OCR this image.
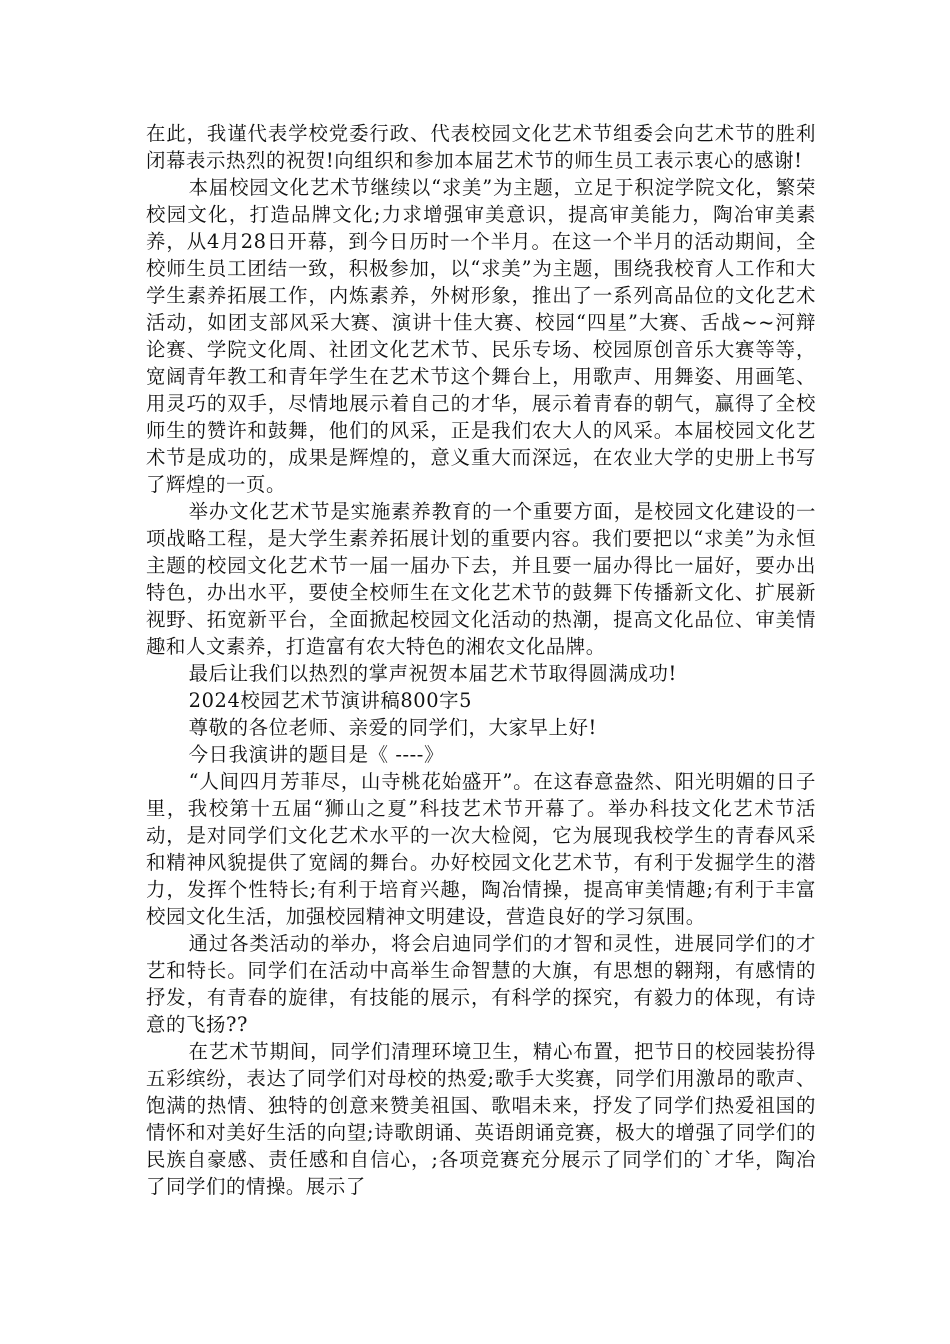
在此，我谨代表学校党委行政、代表校园文化艺术节组委会向艺术节的胜利闭幕表示热烈的祝贺!向组织和参加本届艺术节的师生员工表示衷心的感谢!

本届校园文化艺术节继续以“求美”为主题，立足于积淀学院文化，繁荣校园文化，打造品牌文化;力求增强审美意识，提高审美能力，陶冶审美素养，从4月28日开幕，到今日历时一个半月。在这一个半月的活动期间，全校师生员工团结一致，积极参加，以“求美”为主题，围绕我校育人工作和大学生素养拓展工作，内炼素养，外树形象，推出了一系列高品位的文化艺术活动，如团支部风采大赛、演讲十佳大赛、校园“四星”大赛、舌战~~河辩论赛、学院文化周、社团文化艺术节、民乐专场、校园原创音乐大赛等等，宽阔青年教工和青年学生在艺术节这个舞台上，用歌声、用舞姿、用画笔、用灵巧的双手，尽情地展示着自己的才华，展示着青春的朝气，赢得了全校师生的赞许和鼓舞，他们的风采，正是我们农大人的风采。本届校园文化艺术节是成功的，成果是辉煌的，意义重大而深远，在农业大学的史册上书写了辉煌的一页。

举办文化艺术节是实施素养教育的一个重要方面，是校园文化建设的一项战略工程，是大学生素养拓展计划的重要内容。我们要把以“求美”为永恒主题的校园文化艺术节一届一届办下去，并且要一届办得比一届好，要办出特色，办出水平，要使全校师生在文化艺术节的鼓舞下传播新文化、扩展新视野、拓宽新平台，全面掀起校园文化活动的热潮，提高文化品位、审美情趣和人文素养，打造富有农大特色的湘农文化品牌。

最后让我们以热烈的掌声祝贺本届艺术节取得圆满成功!

2024校园艺术节演讲稿800字5

尊敬的各位老师、亲爱的同学们，大家早上好!

今日我演讲的题目是《 ----》

“人间四月芳菲尽，山寺桃花始盛开”。在这春意盎然、阳光明媚的日子里，我校第十五届“狮山之夏”科技艺术节开幕了。举办科技文化艺术节活动，是对同学们文化艺术水平的一次大检阅，它为展现我校学生的青春风采和精神风貌提供了宽阔的舞台。办好校园文化艺术节，有利于发掘学生的潜力，发挥个性特长;有利于培育兴趣，陶冶情操，提高审美情趣;有利于丰富校园文化生活，加强校园精神文明建设，营造良好的学习氛围。

通过各类活动的举办，将会启迪同学们的才智和灵性，进展同学们的才艺和特长。同学们在活动中高举生命智慧的大旗，有思想的翱翔，有感情的抒发，有青春的旋律，有技能的展示，有科学的探究，有毅力的体现，有诗意的飞扬??

在艺术节期间，同学们清理环境卫生，精心布置，把节日的校园装扮得五彩缤纷，表达了同学们对母校的热爱;歌手大奖赛，同学们用激昂的歌声、饱满的热情、独特的创意来赞美祖国、歌唱未来，抒发了同学们热爱祖国的情怀和对美好生活的向望;诗歌朗诵、英语朗诵竞赛，极大的增强了同学们的民族自豪感、责任感和自信心，;各项竞赛充分展示了同学们的`才华，陶冶了同学们的情操。展示了
